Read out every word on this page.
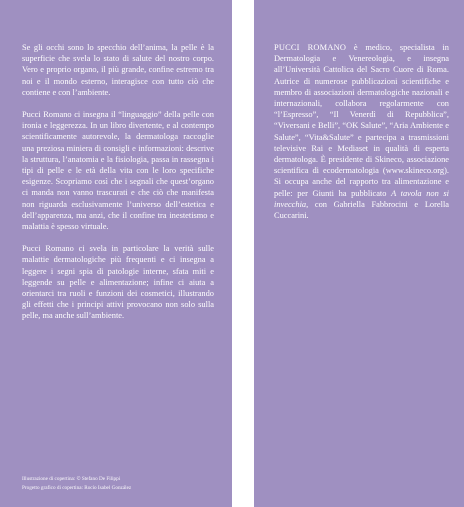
Se gli occhi sono lo specchio dell’anima, la pelle è la superficie che svela lo stato di salute del nostro corpo. Vero e proprio organo, il più grande, confine estremo tra noi e il mondo esterno, interagisce con tutto ciò che contiene e con l’ambiente.

Pucci Romano ci insegna il “linguaggio” della pelle con ironia e leggerezza. In un libro divertente, e al contempo scientificamente autorevole, la dermatologa raccoglie una preziosa miniera di consigli e informazioni: descrive la struttura, l’anatomia e la fisiologia, passa in rassegna i tipi di pelle e le età della vita con le loro specifiche esigenze. Scopriamo così che i segnali che quest’organo ci manda non vanno trascurati e che ciò che manifesta non riguarda esclusivamente l’universo dell’estetica e dell’apparenza, ma anzi, che il confine tra inestetismo e malattia è spesso virtuale.

Pucci Romano ci svela in particolare la verità sulle malattie dermatologiche più frequenti e ci insegna a leggere i segni spia di patologie interne, sfata miti e leggende su pelle e alimentazione; infine ci aiuta a orientarci tra ruoli e funzioni dei cosmetici, illustrando gli effetti che i principi attivi provocano non solo sulla pelle, ma anche sull’ambiente.

Illustrazione di copertina: © Stefano De Filippi
Progetto grafico di copertina: Rocío Isabel González

PUCCI ROMANO è medico, specialista in Dermatologia e Venereologia, e insegna all’Università Cattolica del Sacro Cuore di Roma. Autrice di numerose pubblicazioni scientifiche e membro di associazioni dermatologiche nazionali e internazionali, collabora regolarmente con “l’Espresso”, “Il Venerdì di Repubblica”, “Viversani e Belli”, “OK Salute”, “Aria Ambiente e Salute”, “Vita&Salute” e partecipa a trasmissioni televisive Rai e Mediaset in qualità di esperta dermatologa. È presidente di Skineco, associazione scientifica di ecodermatologia (www.skineco.org). Si occupa anche del rapporto tra alimentazione e pelle: per Giunti ha pubblicato A tavola non si invecchia, con Gabriella Fabbrocini e Lorella Cuccarini.
